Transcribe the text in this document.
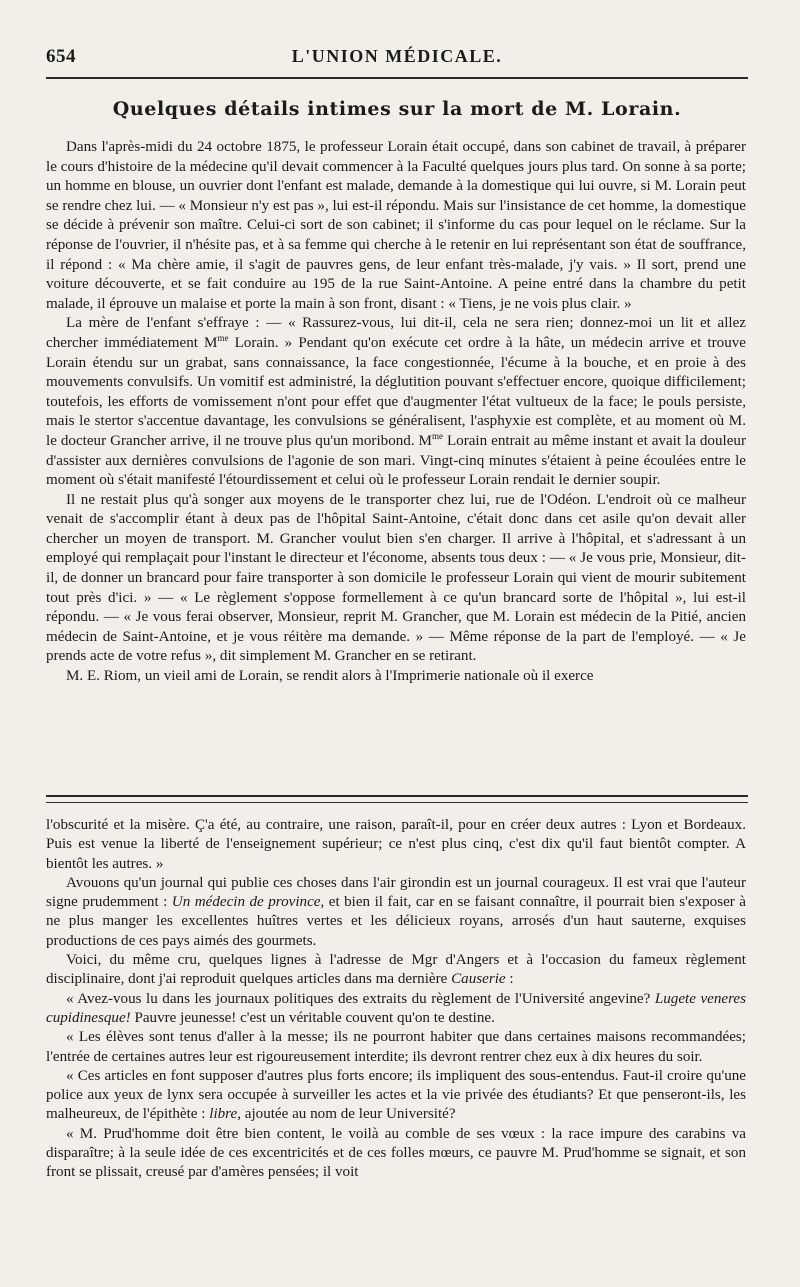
654	L'UNION MÉDICALE.
Quelques détails intimes sur la mort de M. Lorain.

Dans l'après-midi du 24 octobre 1875, le professeur Lorain était occupé, dans son cabinet de travail, à préparer le cours d'histoire de la médecine qu'il devait commencer à la Faculté quelques jours plus tard. On sonne à sa porte; un homme en blouse, un ouvrier dont l'enfant est malade, demande à la domestique qui lui ouvre, si M. Lorain peut se rendre chez lui. — « Monsieur n'y est pas », lui est-il répondu. Mais sur l'insistance de cet homme, la domestique se décide à prévenir son maître. Celui-ci sort de son cabinet; il s'informe du cas pour lequel on le réclame. Sur la réponse de l'ouvrier, il n'hésite pas, et à sa femme qui cherche à le retenir en lui représentant son état de souffrance, il répond : « Ma chère amie, il s'agit de pauvres gens, de leur enfant très-malade, j'y vais. » Il sort, prend une voiture découverte, et se fait conduire au 195 de la rue Saint-Antoine. A peine entré dans la chambre du petit malade, il éprouve un malaise et porte la main à son front, disant : « Tiens, je ne vois plus clair. »

La mère de l'enfant s'effraye : — « Rassurez-vous, lui dit-il, cela ne sera rien; donnez-moi un lit et allez chercher immédiatement $M^{me}$ Lorain. » Pendant qu'on exécute cet ordre à la hâte, un médecin arrive et trouve Lorain étendu sur un grabat, sans connaissance, la face congestionnée, l'écume à la bouche, et en proie à des mouvements convulsifs. Un vomitif est administré, la déglutition pouvant s'effectuer encore, quoique difficilement; toutefois, les efforts de vomissement n'ont pour effet que d'augmenter l'état vultueux de la face; le pouls persiste, mais le stertor s'accentue davantage, les convulsions se généralisent, l'asphyxie est complète, et au moment où M. le docteur Grancher arrive, il ne trouve plus qu'un moribond. $M^{me}$ Lorain entrait au même instant et avait la douleur d'assister aux dernières convulsions de l'agonie de son mari. Vingt-cinq minutes s'étaient à peine écoulées entre le moment où s'était manifesté l'étourdissement et celui où le professeur Lorain rendait le dernier soupir.

Il ne restait plus qu'à songer aux moyens de le transporter chez lui, rue de l'Odéon. L'endroit où ce malheur venait de s'accomplir étant à deux pas de l'hôpital Saint-Antoine, c'était donc dans cet asile qu'on devait aller chercher un moyen de transport. M. Grancher voulut bien s'en charger. Il arrive à l'hôpital, et s'adressant à un employé qui remplaçait pour l'instant le directeur et l'économe, absents tous deux : — « Je vous prie, Monsieur, dit-il, de donner un brancard pour faire transporter à son domicile le professeur Lorain qui vient de mourir subitement tout près d'ici. » — « Le règlement s'oppose formellement à ce qu'un brancard sorte de l'hôpital », lui est-il répondu. — « Je vous ferai observer, Monsieur, reprit M. Grancher, que M. Lorain est médecin de la Pitié, ancien médecin de Saint-Antoine, et je vous réitère ma demande. » — Même réponse de la part de l'employé. — « Je prends acte de votre refus », dit simplement M. Grancher en se retirant.

M. E. Riom, un vieil ami de Lorain, se rendit alors à l'Imprimerie nationale où il exerce

l'obscurité et la misère. Ç'a été, au contraire, une raison, paraît-il, pour en créer deux autres : Lyon et Bordeaux. Puis est venue la liberté de l'enseignement supérieur; ce n'est plus cinq, c'est dix qu'il faut bientôt compter. A bientôt les autres. »

Avouons qu'un journal qui publie ces choses dans l'air girondin est un journal courageux. Il est vrai que l'auteur signe prudemment : Un médecin de province, et bien il fait, car en se faisant connaître, il pourrait bien s'exposer à ne plus manger les excellentes huîtres vertes et les délicieux royans, arrosés d'un haut sauterne, exquises productions de ces pays aimés des gourmets.

Voici, du même cru, quelques lignes à l'adresse de Mgr d'Angers et à l'occasion du fameux règlement disciplinaire, dont j'ai reproduit quelques articles dans ma dernière Causerie :

« Avez-vous lu dans les journaux politiques des extraits du règlement de l'Université angevine? Lugete veneres cupidinesque! Pauvre jeunesse! c'est un véritable couvent qu'on te destine.

« Les élèves sont tenus d'aller à la messe; ils ne pourront habiter que dans certaines maisons recommandées; l'entrée de certaines autres leur est rigoureusement interdite; ils devront rentrer chez eux à dix heures du soir.

« Ces articles en font supposer d'autres plus forts encore; ils impliquent des sous-entendus. Faut-il croire qu'une police aux yeux de lynx sera occupée à surveiller les actes et la vie privée des étudiants? Et que penseront-ils, les malheureux, de l'épithète : libre, ajoutée au nom de leur Université?

« M. Prud'homme doit être bien content, le voilà au comble de ses vœux : la race impure des carabins va disparaître; à la seule idée de ces excentricités et de ces folles mœurs, ce pauvre M. Prud'homme se signait, et son front se plissait, creusé par d'amères pensées; il voit
